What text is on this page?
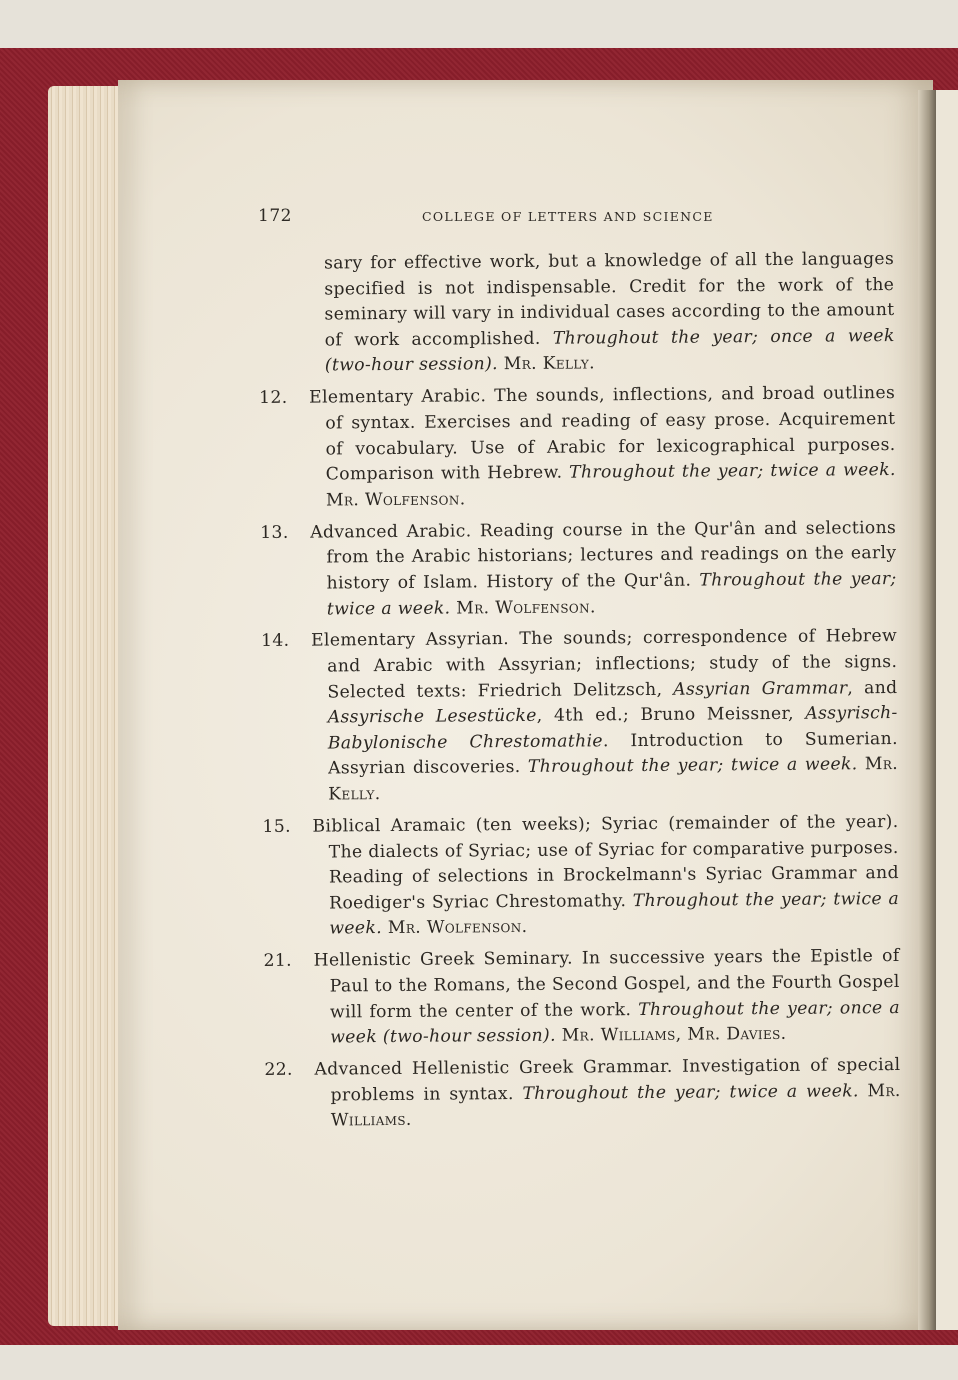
172	COLLEGE OF LETTERS AND SCIENCE

sary for effective work, but a knowledge of all the languages specified is not indispensable. Credit for the work of the seminary will vary in individual cases according to the amount of work accomplished. Throughout the year; once a week (two-hour session). Mr. Kelly.

12. Elementary Arabic. The sounds, inflections, and broad outlines of syntax. Exercises and reading of easy prose. Acquirement of vocabulary. Use of Arabic for lexicographical purposes. Comparison with Hebrew. Throughout the year; twice a week. Mr. Wolfenson.

13. Advanced Arabic. Reading course in the Qur'ân and selections from the Arabic historians; lectures and readings on the early history of Islam. History of the Qur'ân. Throughout the year; twice a week. Mr. Wolfenson.

14. Elementary Assyrian. The sounds; correspondence of Hebrew and Arabic with Assyrian; inflections; study of the signs. Selected texts: Friedrich Delitzsch, Assyrian Grammar, and Assyrische Lesestücke, 4th ed.; Bruno Meissner, Assyrisch-Babylonische Chrestomathie. Introduction to Sumerian. Assyrian discoveries. Throughout the year; twice a week. Mr. Kelly.

15. Biblical Aramaic (ten weeks); Syriac (remainder of the year). The dialects of Syriac; use of Syriac for comparative purposes. Reading of selections in Brockelmann's Syriac Grammar and Roediger's Syriac Chrestomathy. Throughout the year; twice a week. Mr. Wolfenson.

21. Hellenistic Greek Seminary. In successive years the Epistle of Paul to the Romans, the Second Gospel, and the Fourth Gospel will form the center of the work. Throughout the year; once a week (two-hour session). Mr. Williams, Mr. Davies.

22. Advanced Hellenistic Greek Grammar. Investigation of special problems in syntax. Throughout the year; twice a week. Mr. Williams.
